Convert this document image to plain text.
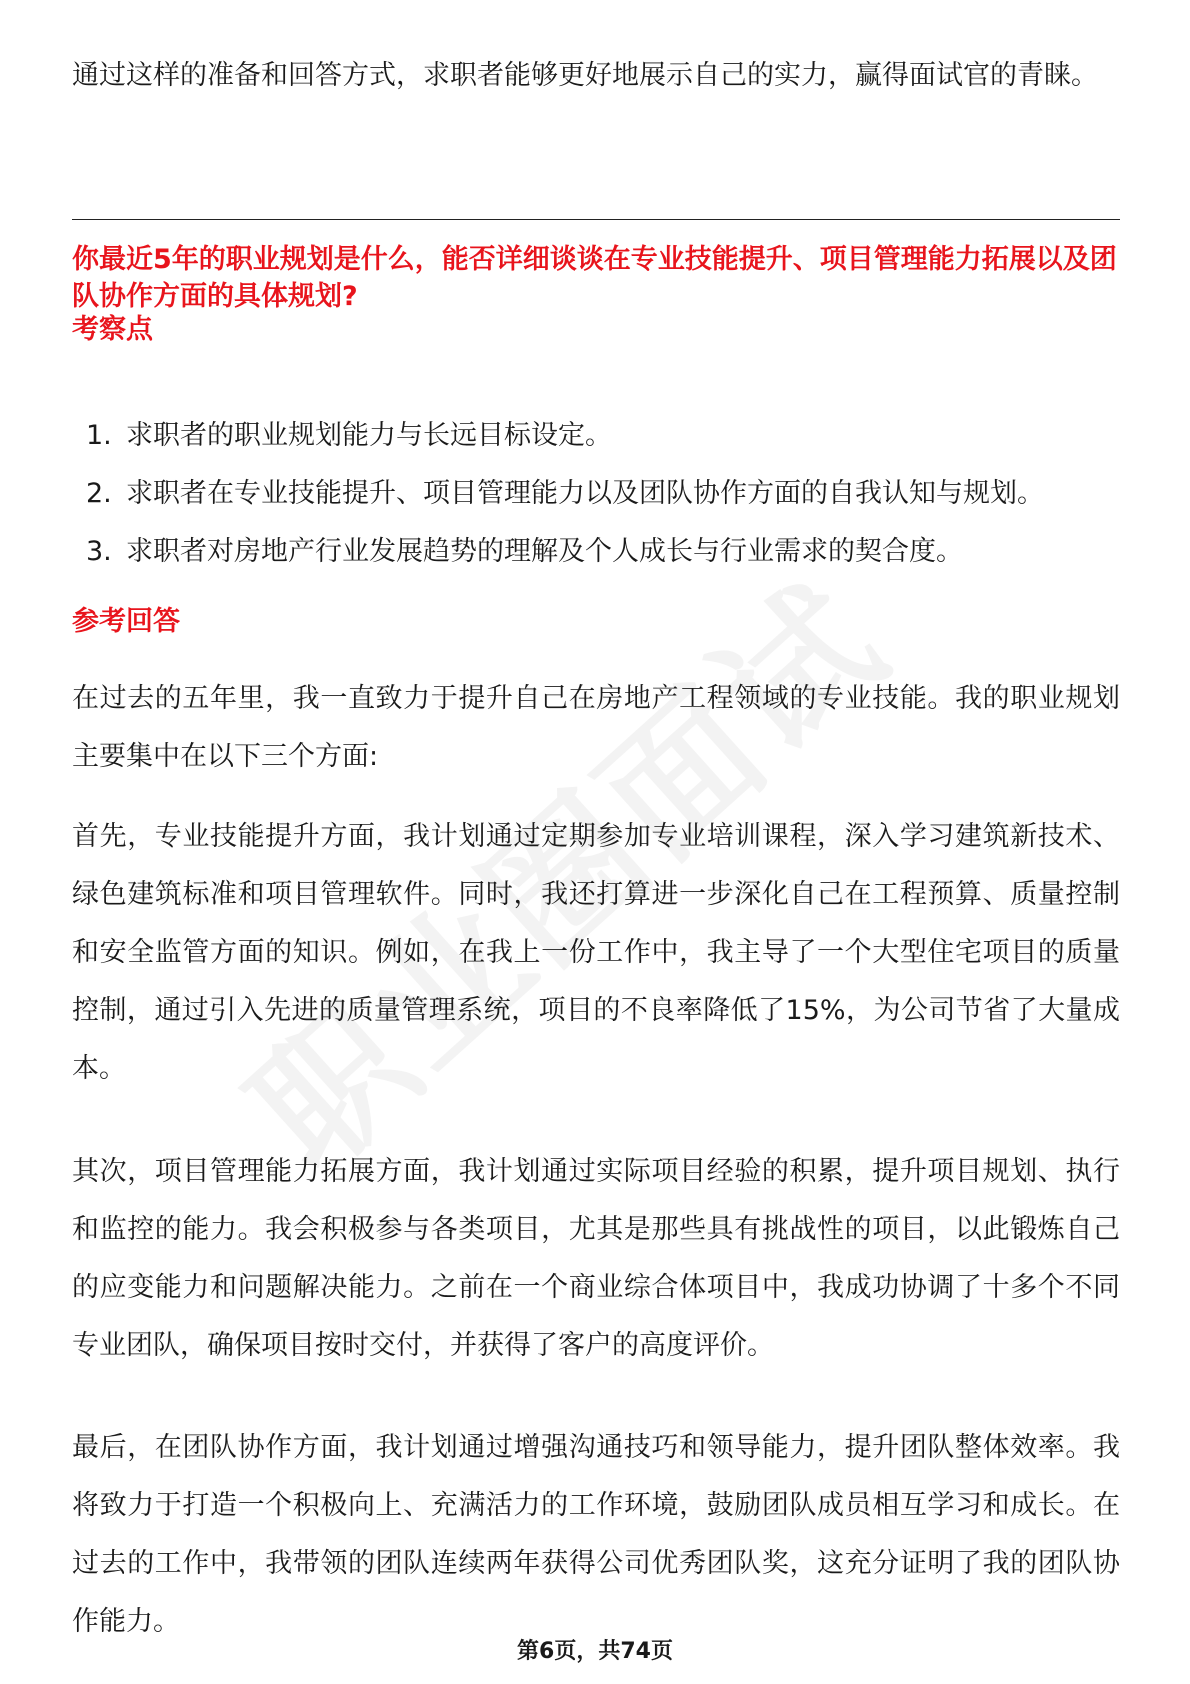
通过这样的准备和回答方式，求职者能够更好地展示自己的实力，赢得面试官的青睐。

你最近5年的职业规划是什么，能否详细谈谈在专业技能提升、项目管理能力拓展以及团队协作方面的具体规划?

考察点

1. 求职者的职业规划能力与长远目标设定。
2. 求职者在专业技能提升、项目管理能力以及团队协作方面的自我认知与规划。
3. 求职者对房地产行业发展趋势的理解及个人成长与行业需求的契合度。

参考回答

在过去的五年里，我一直致力于提升自己在房地产工程领域的专业技能。我的职业规划主要集中在以下三个方面:

首先，专业技能提升方面，我计划通过定期参加专业培训课程，深入学习建筑新技术、绿色建筑标准和项目管理软件。同时，我还打算进一步深化自己在工程预算、质量控制和安全监管方面的知识。例如，在我上一份工作中，我主导了一个大型住宅项目的质量控制，通过引入先进的质量管理系统，项目的不良率降低了15%，为公司节省了大量成本。

其次，项目管理能力拓展方面，我计划通过实际项目经验的积累，提升项目规划、执行和监控的能力。我会积极参与各类项目，尤其是那些具有挑战性的项目，以此锻炼自己的应变能力和问题解决能力。之前在一个商业综合体项目中，我成功协调了十多个不同专业团队，确保项目按时交付，并获得了客户的高度评价。

最后，在团队协作方面，我计划通过增强沟通技巧和领导能力，提升团队整体效率。我将致力于打造一个积极向上、充满活力的工作环境，鼓励团队成员相互学习和成长。在过去的工作中，我带领的团队连续两年获得公司优秀团队奖，这充分证明了我的团队协作能力。

第6页，共74页
